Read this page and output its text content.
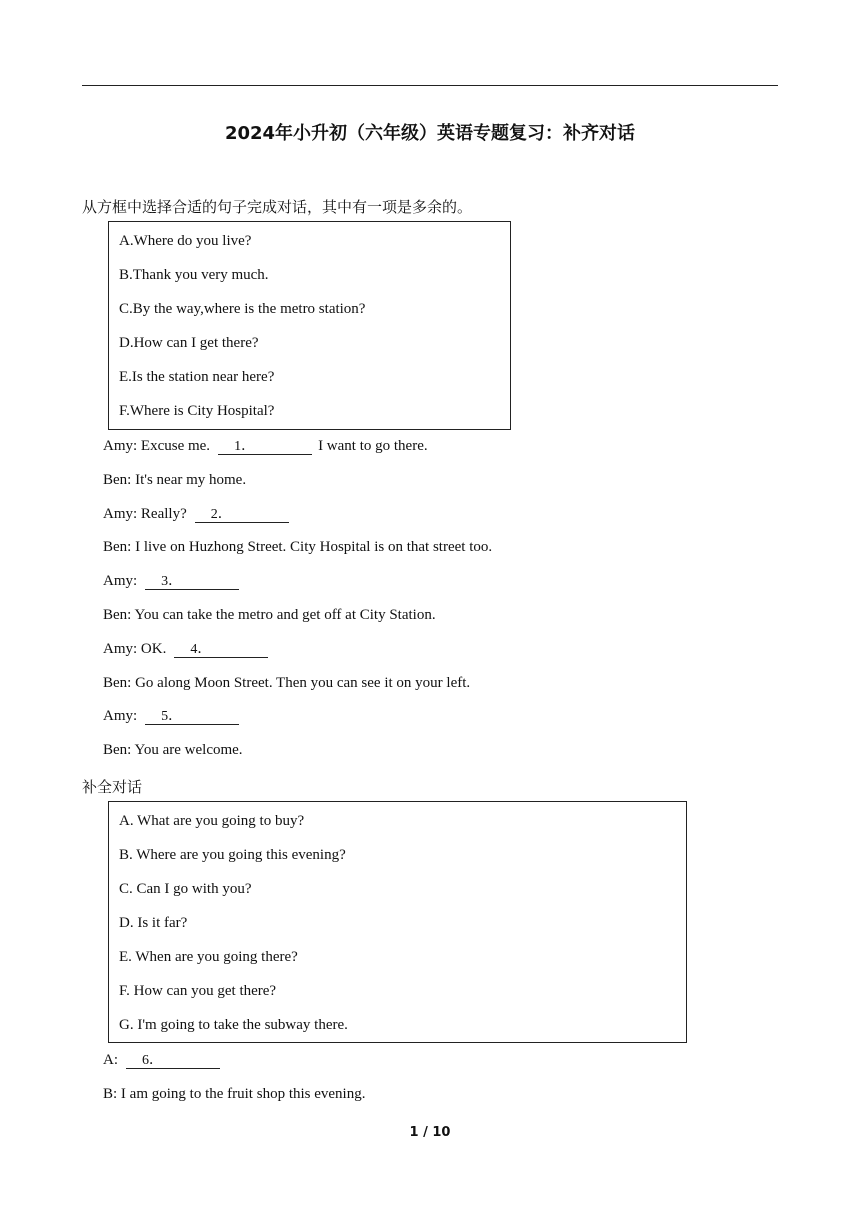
2024年小升初（六年级）英语专题复习：补齐对话
从方框中选择合适的句子完成对话，其中有一项是多余的。
A.Where do you live?
B.Thank you very much.
C.By the way,where is the metro station?
D.How can I get there?
E.Is the station near here?
F.Where is City Hospital?
Amy: Excuse me. 1．	I want to go there.
Ben: It's near my home.
Amy: Really? 2．
Ben: I live on Huzhong Street. City Hospital is on that street too.
Amy: 3．
Ben: You can take the metro and get off at City Station.
Amy: OK. 4．
Ben: Go along Moon Street. Then you can see it on your left.
Amy: 5．
Ben: You are welcome.
补全对话
A. What are you going to buy?
B. Where are you going this evening?
C. Can I go with you?
D. Is it far?
E. When are you going there?
F. How can you get there?
G. I'm going to take the subway there.
A: 6．
B: I am going to the fruit shop this evening.
1 / 10
